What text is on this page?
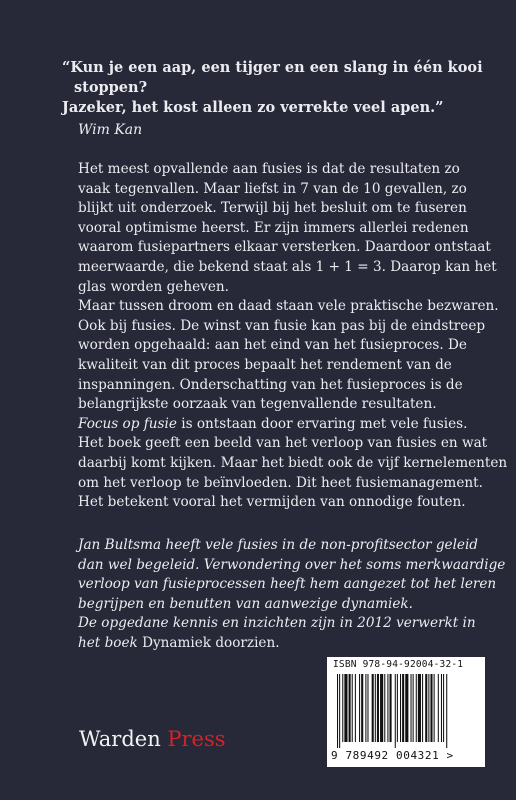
“Kun je een aap, een tijger en een slang in één kooi
stoppen?
Jazeker, het kost alleen zo verrekte veel apen.”
Wim Kan
Het meest opvallende aan fusies is dat de resultaten zo
vaak tegenvallen. Maar liefst in 7 van de 10 gevallen, zo
blijkt uit onderzoek. Terwijl bij het besluit om te fuseren
vooral optimisme heerst. Er zijn immers allerlei redenen
waarom fusiepartners elkaar versterken. Daardoor ontstaat
meerwaarde, die bekend staat als 1 + 1 = 3. Daarop kan het
glas worden geheven.
Maar tussen droom en daad staan vele praktische bezwaren.
Ook bij fusies. De winst van fusie kan pas bij de eindstreep
worden opgehaald: aan het eind van het fusieproces. De
kwaliteit van dit proces bepaalt het rendement van de
inspanningen. Onderschatting van het fusieproces is de
belangrijkste oorzaak van tegenvallende resultaten.
Focus op fusie is ontstaan door ervaring met vele fusies.
Het boek geeft een beeld van het verloop van fusies en wat
daarbij komt kijken. Maar het biedt ook de vijf kernelementen
om het verloop te beïnvloeden. Dit heet fusiemanagement.
Het betekent vooral het vermijden van onnodige fouten.
Jan Bultsma heeft vele fusies in de non-profitsector geleid
dan wel begeleid. Verwondering over het soms merkwaardige
verloop van fusieprocessen heeft hem aangezet tot het leren
begrijpen en benutten van aanwezige dynamiek.
De opgedane kennis en inzichten zijn in 2012 verwerkt in
het boek Dynamiek doorzien.
ISBN 978-94-92004-32-1
9 789492 004321 >
Warden Press
